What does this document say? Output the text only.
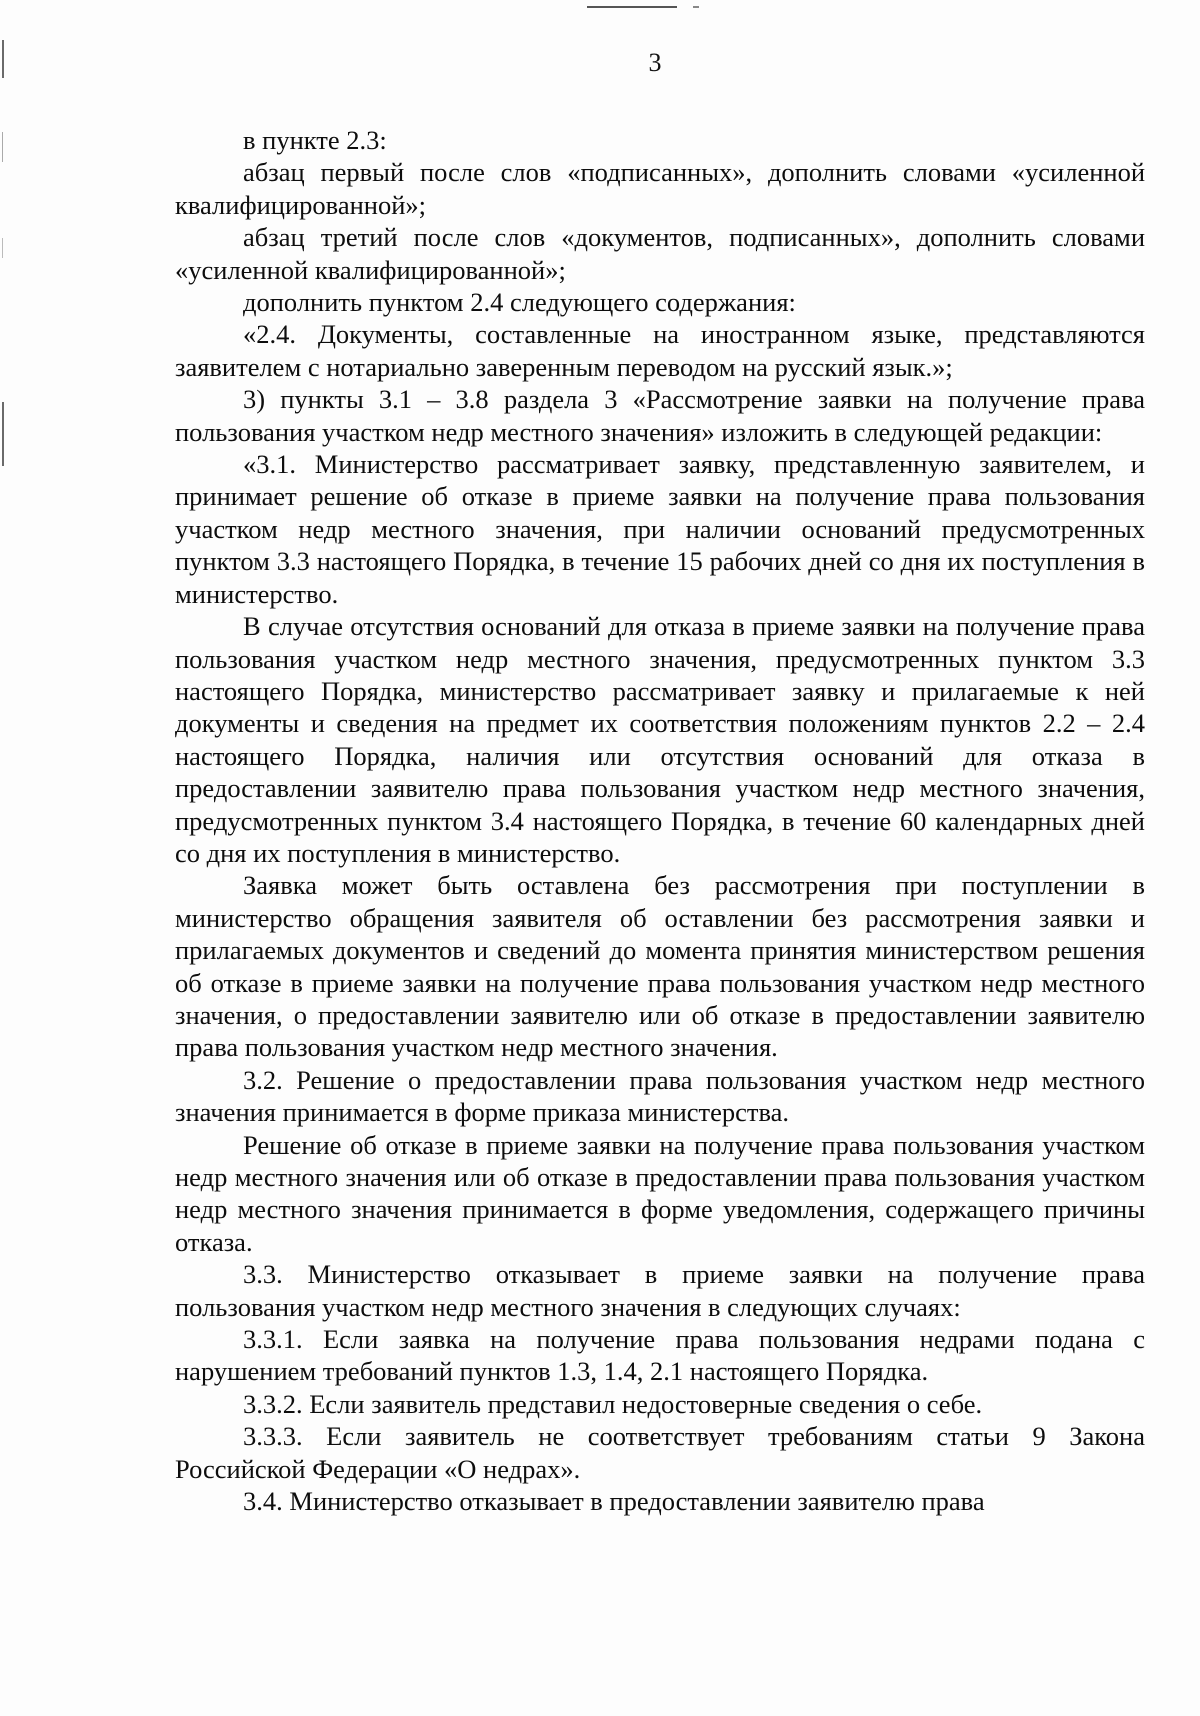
3

в пункте 2.3:

абзац первый после слов «подписанных», дополнить словами «усиленной квалифицированной»;

абзац третий после слов «документов, подписанных», дополнить словами «усиленной квалифицированной»;

дополнить пунктом 2.4 следующего содержания:

«2.4. Документы, составленные на иностранном языке, представляются заявителем с нотариально заверенным переводом на русский язык.»;

3) пункты 3.1 – 3.8 раздела 3 «Рассмотрение заявки на получение права пользования участком недр местного значения» изложить в следующей редакции:

«3.1. Министерство рассматривает заявку, представленную заявителем, и принимает решение об отказе в приеме заявки на получение права пользования участком недр местного значения, при наличии оснований предусмотренных пунктом 3.3 настоящего Порядка, в течение 15 рабочих дней со дня их поступления в министерство.

В случае отсутствия оснований для отказа в приеме заявки на получение права пользования участком недр местного значения, предусмотренных пунктом 3.3 настоящего Порядка, министерство рассматривает заявку и прилагаемые к ней документы и сведения на предмет их соответствия положениям пунктов 2.2 – 2.4 настоящего Порядка, наличия или отсутствия оснований для отказа в предоставлении заявителю права пользования участком недр местного значения, предусмотренных пунктом 3.4 настоящего Порядка, в течение 60 календарных дней со дня их поступления в министерство.

Заявка может быть оставлена без рассмотрения при поступлении в министерство обращения заявителя об оставлении без рассмотрения заявки и прилагаемых документов и сведений до момента принятия министерством решения об отказе в приеме заявки на получение права пользования участком недр местного значения, о предоставлении заявителю или об отказе в предоставлении заявителю права пользования участком недр местного значения.

3.2. Решение о предоставлении права пользования участком недр местного значения принимается в форме приказа министерства.

Решение об отказе в приеме заявки на получение права пользования участком недр местного значения или об отказе в предоставлении права пользования участком недр местного значения принимается в форме уведомления, содержащего причины отказа.

3.3. Министерство отказывает в приеме заявки на получение права пользования участком недр местного значения в следующих случаях:

3.3.1. Если заявка на получение права пользования недрами подана с нарушением требований пунктов 1.3, 1.4, 2.1 настоящего Порядка.

3.3.2. Если заявитель представил недостоверные сведения о себе.

3.3.3. Если заявитель не соответствует требованиям статьи 9 Закона Российской Федерации «О недрах».

3.4. Министерство отказывает в предоставлении заявителю права
